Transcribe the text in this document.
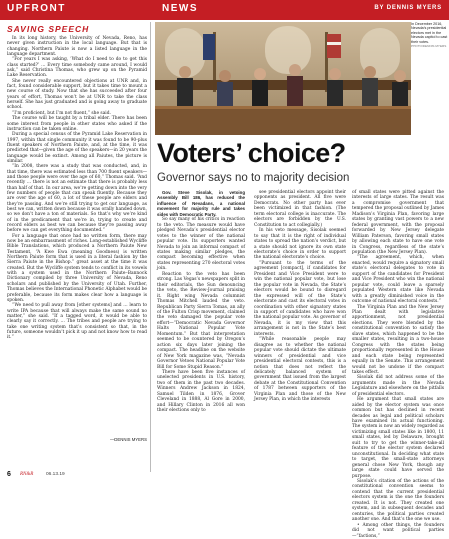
UPFRONT	NEWS	BY DENNIS MYERS
SAVING SPEECH

In its long history, the University of Nevada, Reno, has never given instruction in the local language. But that is changing. Northern Paiute is now a listed language in the language department.

“For years I was asking, ‘What do I need to do to get this class started?’ … Every time somebody came around, I would ask,” said Christina Thomas, who grew up on the Pyramid Lake Reservation.

She never really encountered objections at UNR and, in fact, found considerable support, but it takes time to mount a new course of study. Now that she has succeeded after four years of effort, Thomas won’t be at UNR to take the class herself. She has just graduated and is going away to graduate school.

“I’m proficient, but I’m not fluent,” she said.

The course will be taught by a tribal elder. There has been some interest from people in other states who asked if the instruction can be taken online.

During a special census of the Pyramid Lake Reservation in 1997, within that single community it was found to be 90-plus fluent speakers of Northern Paiute, and, at the time, it was predicted that—given the age of the speakers—in 20 years the language would be extinct. Among all Paiutes, the picture is similar.

“In 2008, there was a study that was conducted, and, in that time, there was estimated less than 700 fluent speakers—and those people were over the age of 60,” Thomas said. “And recently … there is not an estimate that there is probably less than half of that. In our area, we’re getting down into the very few numbers of people that can speak fluently. Because they are over the age of 60, a lot of these people are elders and they’re passing. And we’re still trying to get our language, as best we can, written down because it was orally handed down, so we don’t have a ton of materials. So that’s why we’re kind of in the predicament that we’re in, trying to create and record elders as best we can because they’re passing away before we can get everything documented.”

For a language that once had no written form, there may now be an embarrassment of riches. Long-established Wycliffe Bible Translations, which produced a Northern Paiute New Testament, “A Kwe Ewa (meaning Goodness) is written Northern Paiute form that is used in a literal fashion by the Sierra Paiute in the Bishop.” great asset at the time it was created. But the Wycliffe system tends to conflict in its vowels with a system used in the Northern Paiute–Bannock Dictionary compiled by three University of Nevada, Reno scholars and published by the University of Utah. Further, Thomas believes the International Phonetic Alphabet would be preferable, because its form makes clear how a language is spoken.

“We need to pull away from [other systems] and … learn to write IPA because that will always make the same sound no matter,” she said. “If a tagged word, it would be able to clearly say it correctly. … The tribes and people are trying to take one writing system that’s consistent so that, in the future, someone wouldn’t pick it up and not know how to read it.”

—DENNIS MYERS
In December 2016, Nevada’s presidential electors met in the Nevada capitol to cast their votes.
PHOTO/DENNIS MYERS
Voters’ choice?
Governor says no to majority decision

Gov. Steve Sisolak, in vetoing Assembly Bill 186, has reduced the influence of Nevadans, a national movement for majority rule and takes sides with Democratic Party.

So say many of his critics in reaction to the veto. The measure would have pledged Nevada’s presidential elector votes to the winner of the national popular vote. Its supporters wanted Nevada to join an informal compact of states making similar pledges, the compact becoming effective when states representing 270 electoral votes join.

Reaction to the veto has been strong. Las Vegas’s newspapers split in their editorials, the Sun denouncing the veto, the Review-Journal praising it. Right wing Nevada columnist Thomas Mitchell lauded the veto. Republican Party Sierra Tomas, an ally of the Fulton Crisp movement, claimed the veto damaged the popular vote effort—“Democratic Nevada Governor Halts National Popular Vote Momentum.” But that interpretation seemed to be countered by Oregon’s action six days later joining the compact. The headline on the website of New York magazine was, “Nevada Governor Vetoes National Popular Vote Bill for Some Stupid Reason.”

There have been five instances of unelected presidents in U.S. history, two of them in the past two decades. Winners Andrew Jackson in 1824, Samuel Tilden in 1876, Grover Cleveland in 1888, Al Gore in 2000, and Hillary Clinton in 2016 all won their elections only to

see presidential electors appoint their opponents as president. All five were Democrats. No other party has ever been victimized in that fashion. (The term electoral college is inaccurate. The electors are forbidden by the U.S. Constitution to act collegially.)

In his veto message, Sisolak seemed to say that it is the right of individual states to spread the nation’s verdict, but a state should not ignore its own state electorate’s choice in order to support the national electorate’s choice.

“Pursuant to the terms of the agreement [compact], if candidates for President and Vice President were to win the national popular vote, but lose the popular vote in Nevada, the State’s electors would be bound to disregard the expressed will of the State’s electorate and cast its electoral votes in coordination with other signatory states in support of candidates who have won the national popular vote. As governor of Nevada, it is my view that this arrangement is not in the State’s best interests.

“While reasonable people may disagree as to whether the national popular vote should dictate the ultimate winners of presidential and vice presidential electoral contests, this is a notion that does not reflect the delicately balanced system of government that issued from the largest debate at the Constitutional Convention of 1787 between supporters of the Virginia Plan and those of the New Jersey Plan, in which the interests

of small states were pitted against the interests of large states. The result was a compromise government that tempered the proposal outlined by James Madison’s Virginia Plan, favoring large states by granting vast powers to a new federal government, with the proposal forwarded by New Jersey delegate William Paterson, favoring small states by allowing each state to have one vote in Congress, regardless of the state’s population (the New Jersey Plan).

“The agreement, which, when enacted, would require a signatory small state’s electoral delegates to vote in support of the candidates for President and Vice President who win the national popular vote, could leave a sparsely populated Western state like Nevada with a greatly diminished voice in the outcome of national electoral contests.”

The Virginia Plan and the New Jersey Plan dealt with legislative apportionment, not presidential elections. They were blended by the constitutional convention to satisfy the slave states, which happened to be the smaller states, resulting in a two-house Congress with the states being proportionally represented in the House and each state being represented equally in the Senate. This arrangement would not be undone if the compact takes effect.

Sisolak did not address some of the arguments made in the Nevada Legislature and elsewhere on the pitfalls of presidential electors.

He argument that small states are aided by the elector system was once common but has declined in recent decades as legal and political scholars have examined its actual functioning. The system is now an widely regarded as victimizing small states like in 1800, 11 small states, led by Delaware, brought suit to try to get the winner-take-all feature of the elector system declared unconstitutional. In deciding what state to target, the small-state attorneys general chose New York, though any large state could have served the purpose.

Sisolak’s citation of the actions of the constitutional convention seems to contend that the current presidential electors system is the one the founders created. It is not. They created one system, and in subsequent decades and centuries, the political parties created another one. And that’s the one we use.

• Among other things, the founders did not want political parties—“factions,”

6 RN&R	06.13.19
